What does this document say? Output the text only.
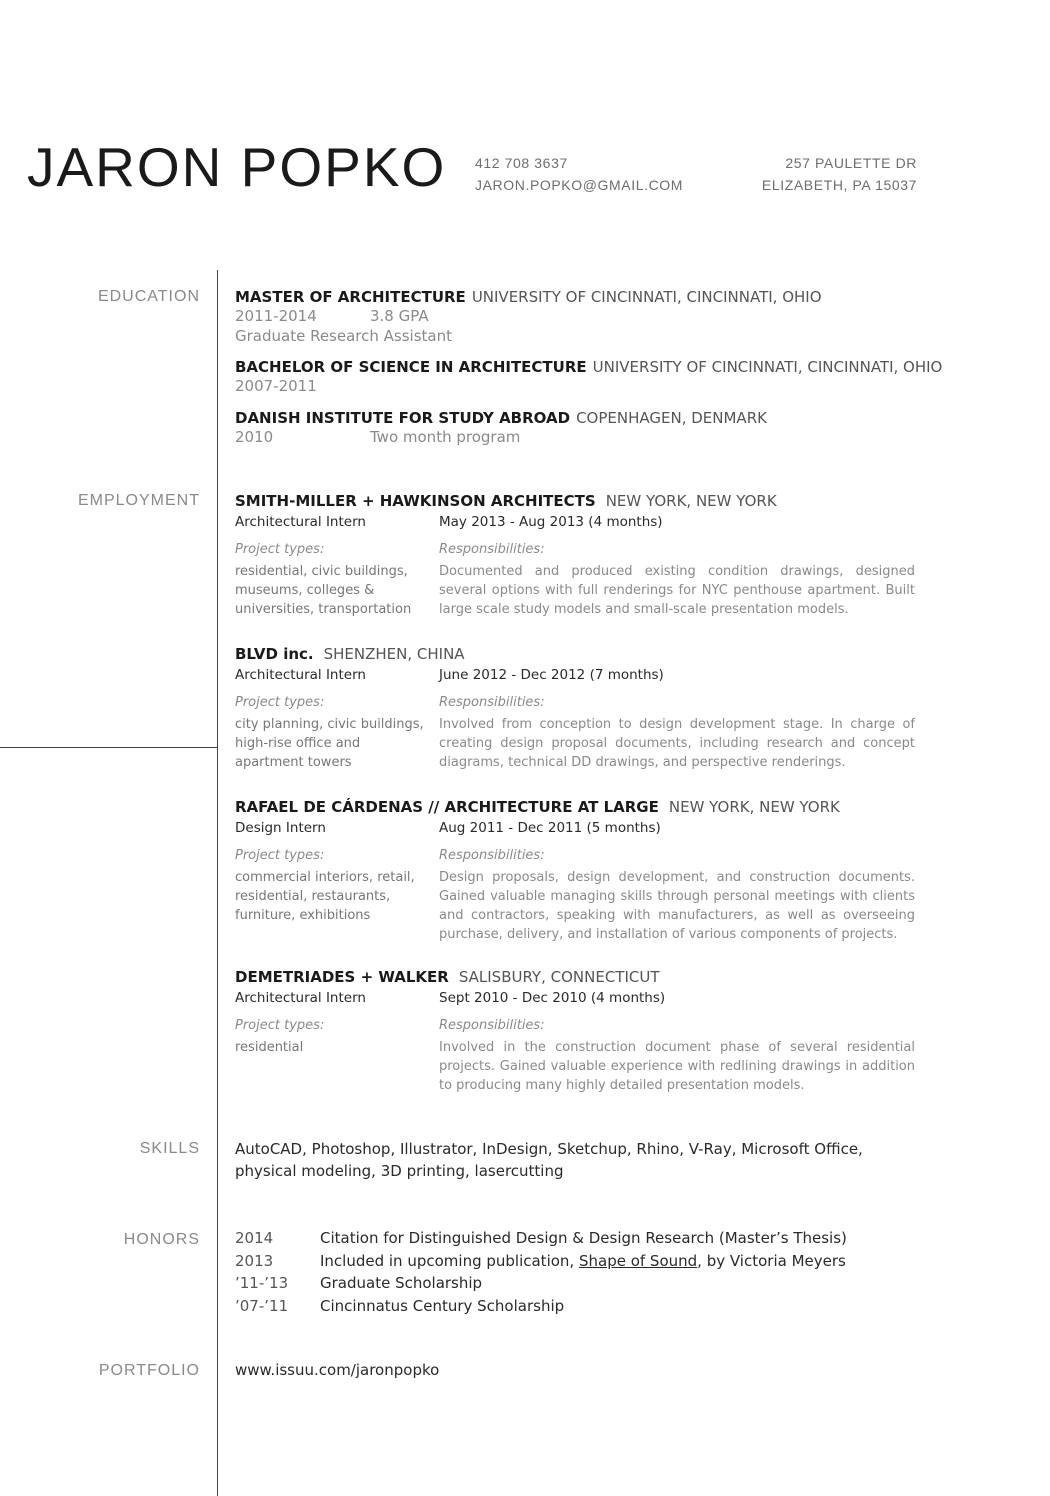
JARON POPKO 412 708 3637
JARON.POPKO@GMAIL.COM
257 PAULETTE DR
ELIZABETH, PA 15037
EDUCATION
EMPLOYMENT
SKILLS
HONORS
PORTFOLIO
MASTER OF ARCHITECTURE UNIVERSITY OF CINCINNATI, CINCINNATI, OHIO
2011-2014	3.8 GPA
Graduate Research Assistant
BACHELOR OF SCIENCE IN ARCHITECTURE UNIVERSITY OF CINCINNATI, CINCINNATI, OHIO
2007-2011
DANISH INSTITUTE FOR STUDY ABROAD COPENHAGEN, DENMARK
2010	Two month program
SMITH-MILLER + HAWKINSON ARCHITECTS NEW YORK, NEW YORK
Architectural Intern	May 2013 - Aug 2013 (4 months)
Project types:
residential, civic buildings, museums, colleges & universities, transportation
Responsibilities:
Documented and produced existing condition drawings, designed several options with full renderings for NYC penthouse apartment. Built large scale study models and small-scale presentation models.
BLVD inc. SHENZHEN, CHINA
Architectural Intern	June 2012 - Dec 2012 (7 months)
Project types:
city planning, civic buildings, high-rise office and apartment towers
Responsibilities:
Involved from conception to design development stage. In charge of creating design proposal documents, including research and concept diagrams, technical DD drawings, and perspective renderings.
RAFAEL DE CÁRDENAS // ARCHITECTURE AT LARGE NEW YORK, NEW YORK
Design Intern	Aug 2011 - Dec 2011 (5 months)
Project types:
commercial interiors, retail, residential, restaurants, furniture, exhibitions
Responsibilities:
Design proposals, design development, and construction documents. Gained valuable managing skills through personal meetings with clients and contractors, speaking with manufacturers, as well as overseeing purchase, delivery, and installation of various components of projects.
DEMETRIADES + WALKER SALISBURY, CONNECTICUT
Architectural Intern	Sept 2010 - Dec 2010 (4 months)
Project types:
residential
Responsibilities:
Involved in the construction document phase of several residential projects. Gained valuable experience with redlining drawings in addition to producing many highly detailed presentation models.
AutoCAD, Photoshop, Illustrator, InDesign, Sketchup, Rhino, V-Ray, Microsoft Office,
physical modeling, 3D printing, lasercutting
2014	Citation for Distinguished Design & Design Research (Master’s Thesis)
2013	Included in upcoming publication, Shape of Sound, by Victoria Meyers
’11-’13 Graduate Scholarship
’07-’11 Cincinnatus Century Scholarship
www.issuu.com/jaronpopko
